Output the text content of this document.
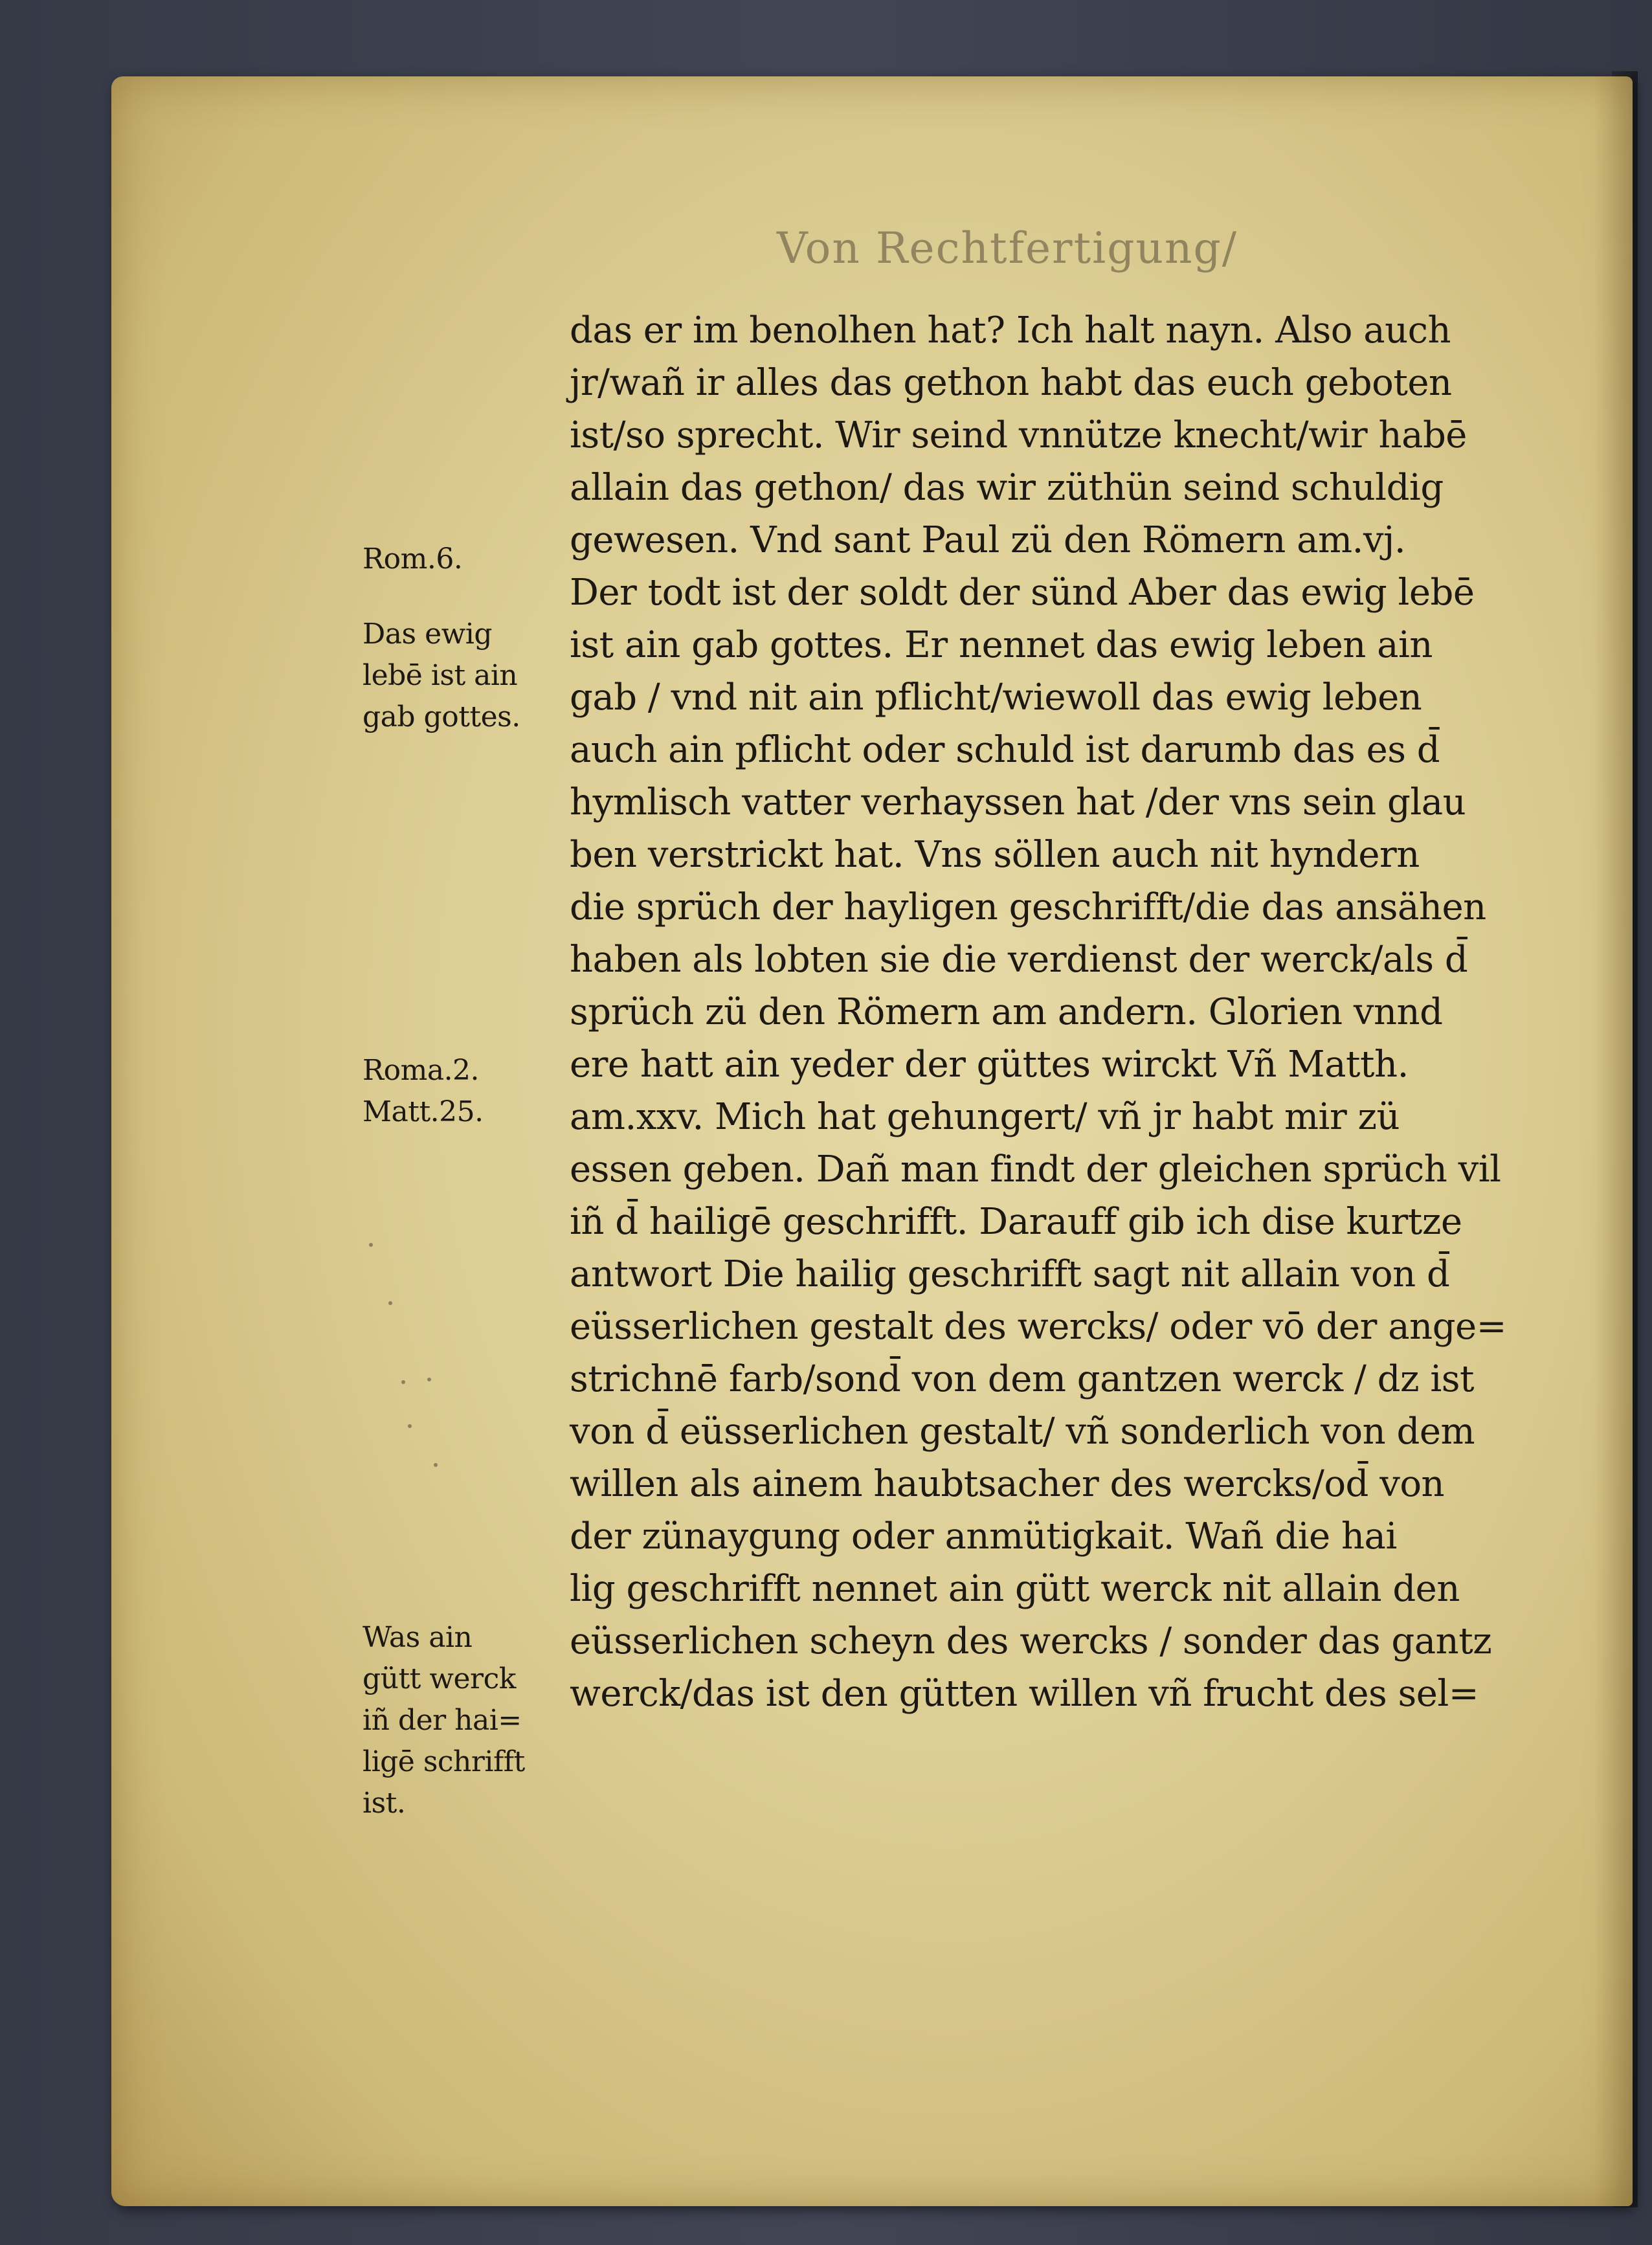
Von Rechtfertigung/
das er im benolhen hat? Ich halt nayn. Also auch
jr/wañ ir alles das gethon habt das euch geboten
ist/so sprecht. Wir seind vnnütze knecht/wir habē
allain das gethon/ das wir züthün seind schuldig
gewesen. Vnd sant Paul zü den Römern am.vj.
Der todt ist der soldt der sünd Aber das ewig lebē
ist ain gab gottes. Er nennet das ewig leben ain
gab / vnd nit ain pflicht/wiewoll das ewig leben
auch ain pflicht oder schuld ist darumb das es d̄
hymlisch vatter verhayssen hat /der vns sein glau
ben verstrickt hat. Vns söllen auch nit hyndern
die sprüch der hayligen geschrifft/die das ansähen
haben als lobten sie die verdienst der werck/als d̄
sprüch zü den Römern am andern. Glorien vnnd
ere hatt ain yeder der güttes wirckt Vñ Matth.
am.xxv. Mich hat gehungert/ vñ jr habt mir zü
essen geben. Dañ man findt der gleichen sprüch vil
iñ d̄ hailigē geschrifft. Darauff gib ich dise kurtze
antwort Die hailig geschrifft sagt nit allain von d̄
eüsserlichen gestalt des wercks/ oder vō der ange=
strichnē farb/sond̄ von dem gantzen werck / dz ist
von d̄ eüsserlichen gestalt/ vñ sonderlich von dem
willen als ainem haubtsacher des wercks/od̄ von
der zünaygung oder anmütigkait. Wañ die hai
lig geschrifft nennet ain gütt werck nit allain den
eüsserlichen scheyn des wercks / sonder das gantz
werck/das ist den gütten willen vñ frucht des sel=
Rom.6.
Das ewig
lebē ist ain
gab gottes.
Roma.2.
Matt.25.
Was ain
gütt werck
iñ der hai=
ligē schrifft
ist.
